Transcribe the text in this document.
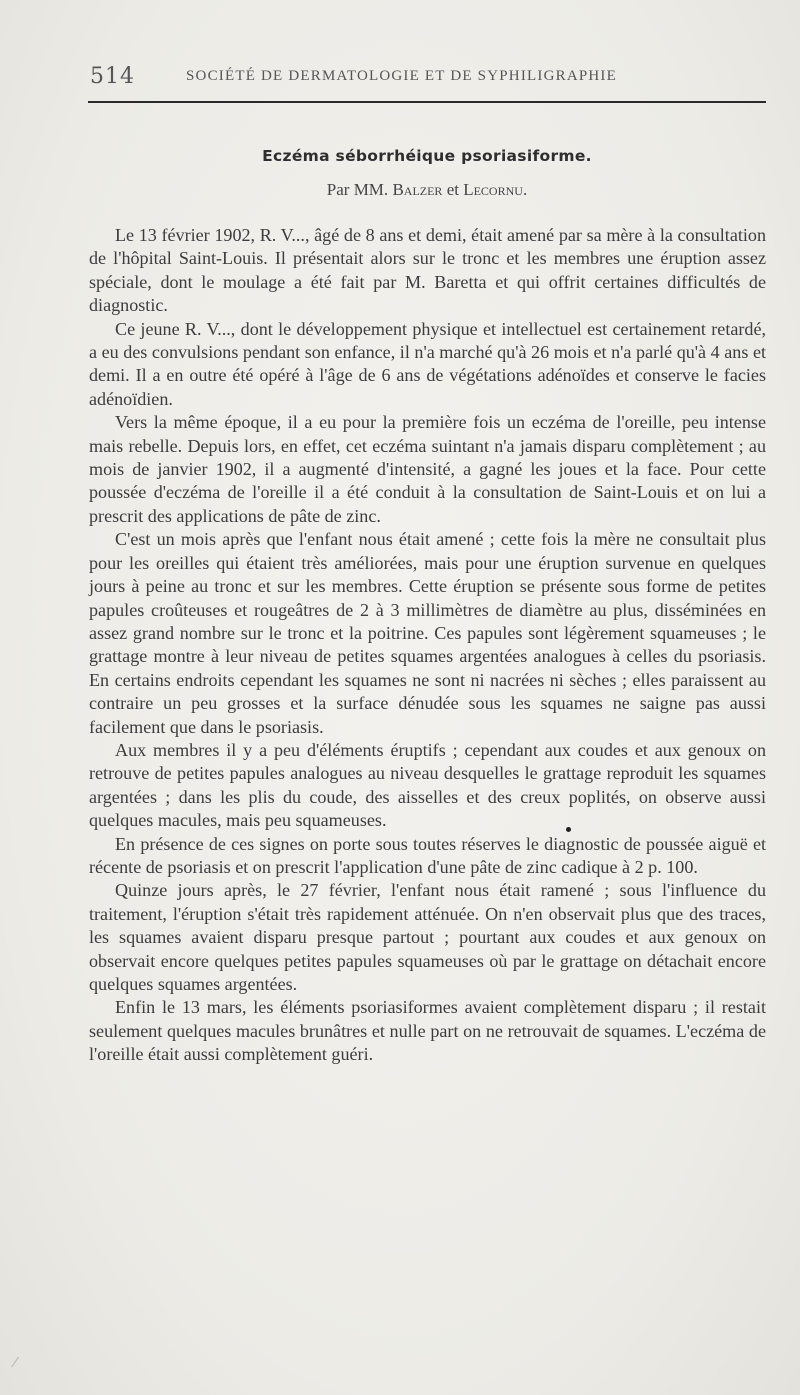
514	SOCIÉTÉ DE DERMATOLOGIE ET DE SYPHILIGRAPHIE
Eczéma séborrhéique psoriasiforme.
Par MM. Balzer et Lecornu.

Le 13 février 1902, R. V..., âgé de 8 ans et demi, était amené par sa mère à la consultation de l'hôpital Saint-Louis. Il présentait alors sur le tronc et les membres une éruption assez spéciale, dont le moulage a été fait par M. Baretta et qui offrit certaines difficultés de diagnostic.

Ce jeune R. V..., dont le développement physique et intellectuel est certainement retardé, a eu des convulsions pendant son enfance, il n'a marché qu'à 26 mois et n'a parlé qu'à 4 ans et demi. Il a en outre été opéré à l'âge de 6 ans de végétations adénoïdes et conserve le facies adénoïdien.

Vers la même époque, il a eu pour la première fois un eczéma de l'oreille, peu intense mais rebelle. Depuis lors, en effet, cet eczéma suintant n'a jamais disparu complètement ; au mois de janvier 1902, il a augmenté d'intensité, a gagné les joues et la face. Pour cette poussée d'eczéma de l'oreille il a été conduit à la consultation de Saint-Louis et on lui a prescrit des applications de pâte de zinc.

C'est un mois après que l'enfant nous était amené ; cette fois la mère ne consultait plus pour les oreilles qui étaient très améliorées, mais pour une éruption survenue en quelques jours à peine au tronc et sur les membres. Cette éruption se présente sous forme de petites papules croûteuses et rougeâtres de 2 à 3 millimètres de diamètre au plus, disséminées en assez grand nombre sur le tronc et la poitrine. Ces papules sont légèrement squameuses ; le grattage montre à leur niveau de petites squames argentées analogues à celles du psoriasis. En certains endroits cependant les squames ne sont ni nacrées ni sèches ; elles paraissent au contraire un peu grosses et la surface dénudée sous les squames ne saigne pas aussi facilement que dans le psoriasis.

Aux membres il y a peu d'éléments éruptifs ; cependant aux coudes et aux genoux on retrouve de petites papules analogues au niveau desquelles le grattage reproduit les squames argentées ; dans les plis du coude, des aisselles et des creux poplités, on observe aussi quelques macules, mais peu squameuses.

En présence de ces signes on porte sous toutes réserves le diagnostic de poussée aiguë et récente de psoriasis et on prescrit l'application d'une pâte de zinc cadique à 2 p. 100.

Quinze jours après, le 27 février, l'enfant nous était ramené ; sous l'influence du traitement, l'éruption s'était très rapidement atténuée. On n'en observait plus que des traces, les squames avaient disparu presque partout ; pourtant aux coudes et aux genoux on observait encore quelques petites papules squameuses où par le grattage on détachait encore quelques squames argentées.

Enfin le 13 mars, les éléments psoriasiformes avaient complètement disparu ; il restait seulement quelques macules brunâtres et nulle part on ne retrouvait de squames. L'eczéma de l'oreille était aussi complètement guéri.
